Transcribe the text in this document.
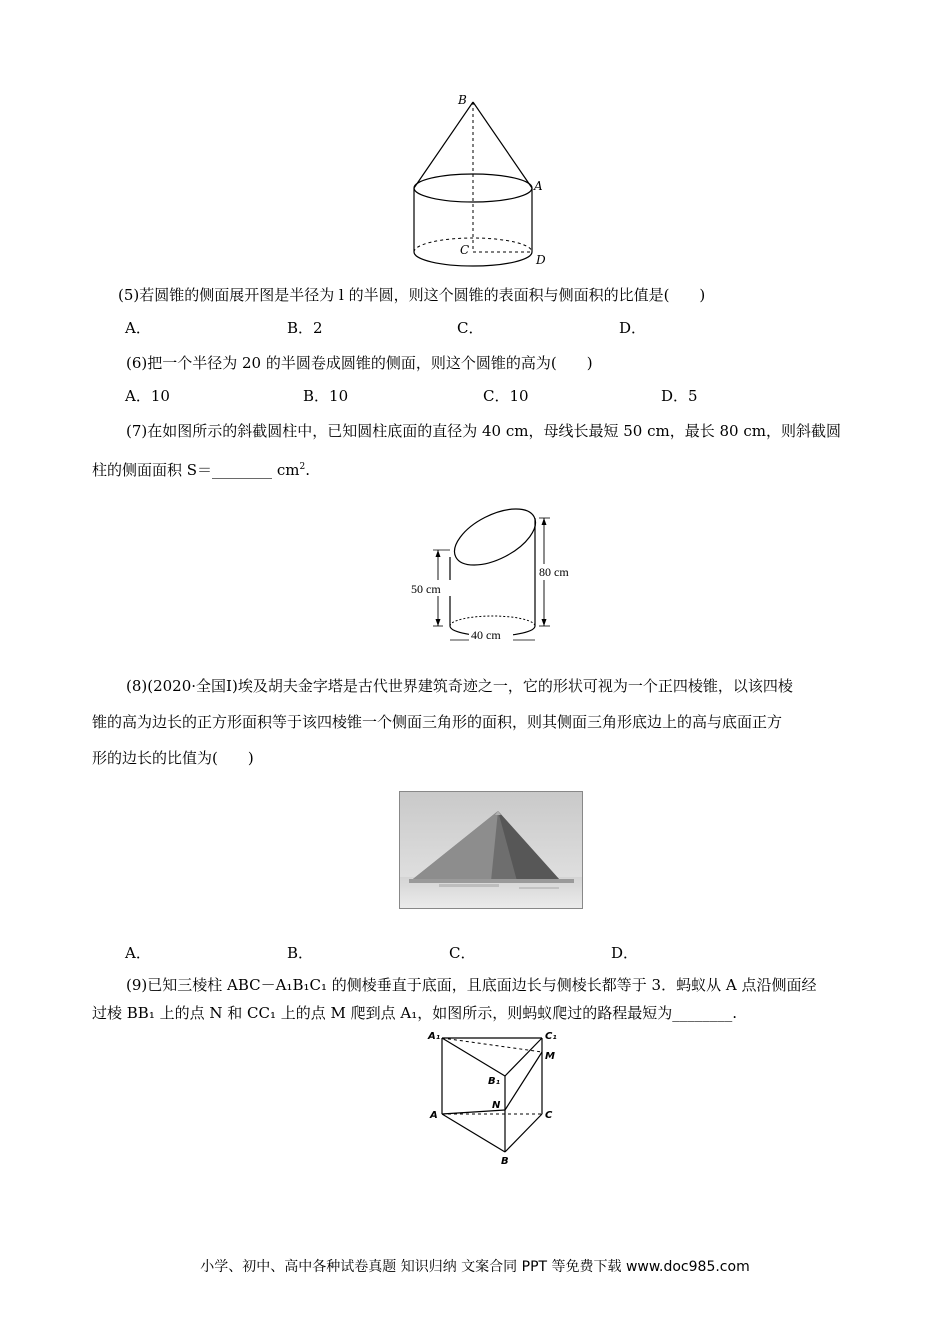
B
A
C
D
(5)若圆锥的侧面展开图是半径为 l 的半圆，则这个圆锥的表面积与侧面积的比值是(　　)
A．	B．2	C．	D．
(6)把一个半径为 20 的半圆卷成圆锥的侧面，则这个圆锥的高为(　　)
A．10	B．10	C．10	D．5
(7)在如图所示的斜截圆柱中，已知圆柱底面的直径为 40 cm，母线长最短 50 cm，最长 80 cm，则斜截圆
柱的侧面面积 S＝________ $cm^2$.
50 cm
80 cm
40 cm
(8)(2020·全国Ⅰ)埃及胡夫金字塔是古代世界建筑奇迹之一，它的形状可视为一个正四棱锥，以该四棱
锥的高为边长的正方形面积等于该四棱锥一个侧面三角形的面积，则其侧面三角形底边上的高与底面正方
形的边长的比值为(　　)
A．	B．	C．	D．
(9)已知三棱柱 ABC－A₁B₁C₁ 的侧棱垂直于底面，且底面边长与侧棱长都等于 3．蚂蚁从 A 点沿侧面经
过棱 BB₁ 上的点 N 和 CC₁ 上的点 M 爬到点 A₁，如图所示，则蚂蚁爬过的路程最短为________.
A₁	C₁
M
B₁
N
A	C
B
小学、初中、高中各种试卷真题 知识归纳 文案合同 PPT 等免费下载 www.doc985.com
